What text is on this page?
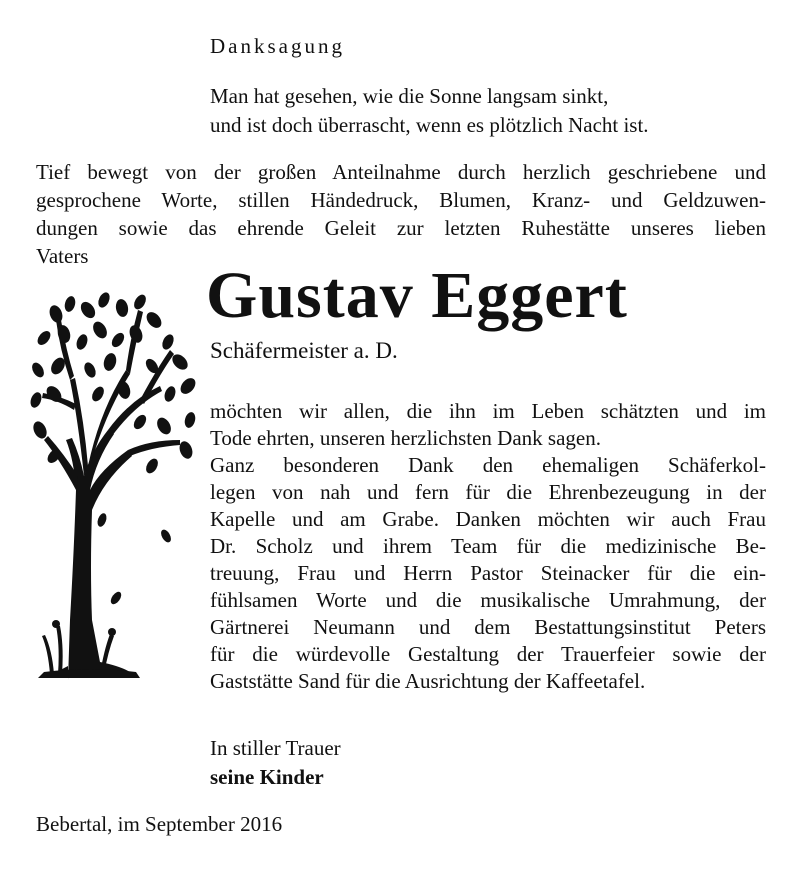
Danksagung
Man hat gesehen, wie die Sonne langsam sinkt,
und ist doch überrascht, wenn es plötzlich Nacht ist.
Tief bewegt von der großen Anteilnahme durch herzlich geschriebene und
gesprochene Worte, stillen Händedruck, Blumen, Kranz- und Geldzuwen-
dungen sowie das ehrende Geleit zur letzten Ruhestätte unseres lieben
Vaters
Gustav Eggert
Schäfermeister a. D.
möchten wir allen, die ihn im Leben schätzten und im
Tode ehrten, unseren herzlichsten Dank sagen.
Ganz besonderen Dank den ehemaligen Schäferkol-
legen von nah und fern für die Ehrenbezeugung in der
Kapelle und am Grabe. Danken möchten wir auch Frau
Dr. Scholz und ihrem Team für die medizinische Be-
treuung, Frau und Herrn Pastor Steinacker für die ein-
fühlsamen Worte und die musikalische Umrahmung, der
Gärtnerei Neumann und dem Bestattungsinstitut Peters
für die würdevolle Gestaltung der Trauerfeier sowie der
Gaststätte Sand für die Ausrichtung der Kaffeetafel.
In stiller Trauer
seine Kinder
Bebertal, im September 2016
